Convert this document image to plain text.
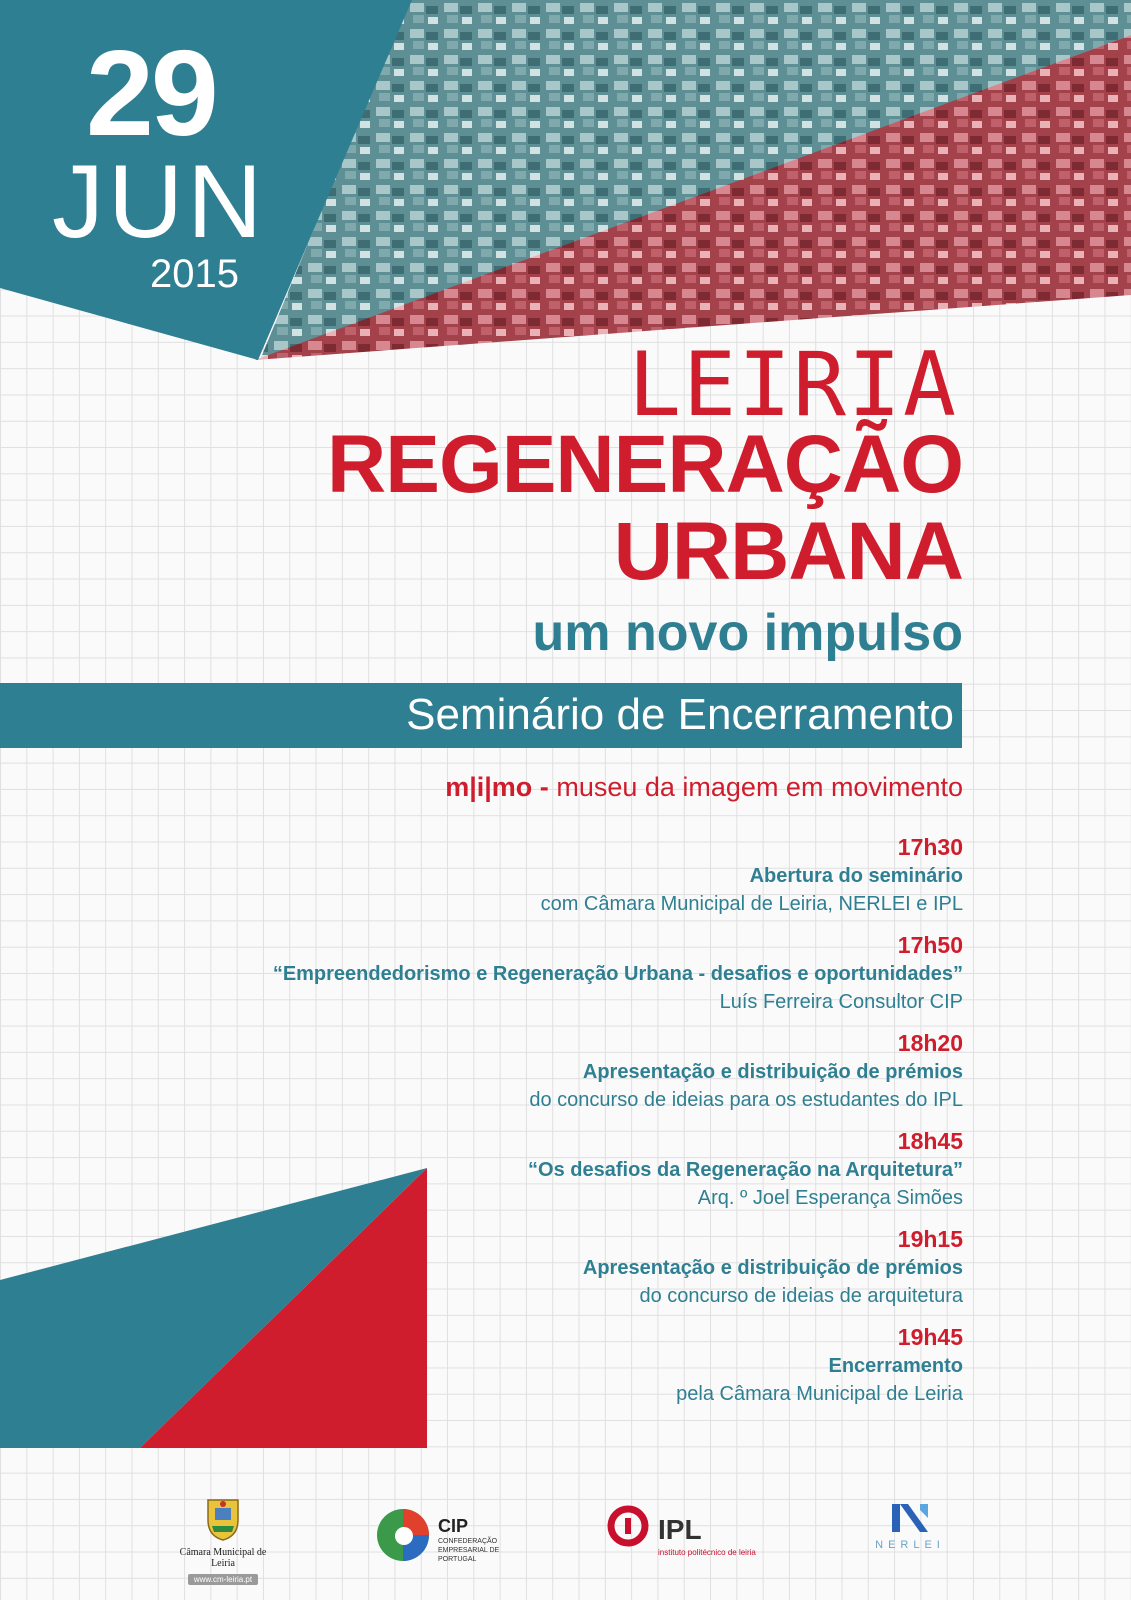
29
JUN
2015
LEIRIA
REGENERAÇÃO
URBANA
um novo impulso
Seminário de Encerramento
m|i|mo - museu da imagem em movimento
17h30
Abertura do seminário
com Câmara Municipal de Leiria, NERLEI e IPL
17h50
“Empreendedorismo e Regeneração Urbana - desafios e oportunidades”
Luís Ferreira Consultor CIP
18h20
Apresentação e distribuição de prémios
do concurso de ideias para os estudantes do IPL
18h45
“Os desafios da Regeneração na Arquitetura”
Arq. º Joel Esperança Simões
19h15
Apresentação e distribuição de prémios
do concurso de ideias de arquitetura
19h45
Encerramento
pela Câmara Municipal de Leiria
Câmara Municipal de Leiria
www.cm-leiria.pt
CIP
CONFEDERAÇÃO EMPRESARIAL DE PORTUGAL
IPL
instituto politécnico de leiria
NERLEI
